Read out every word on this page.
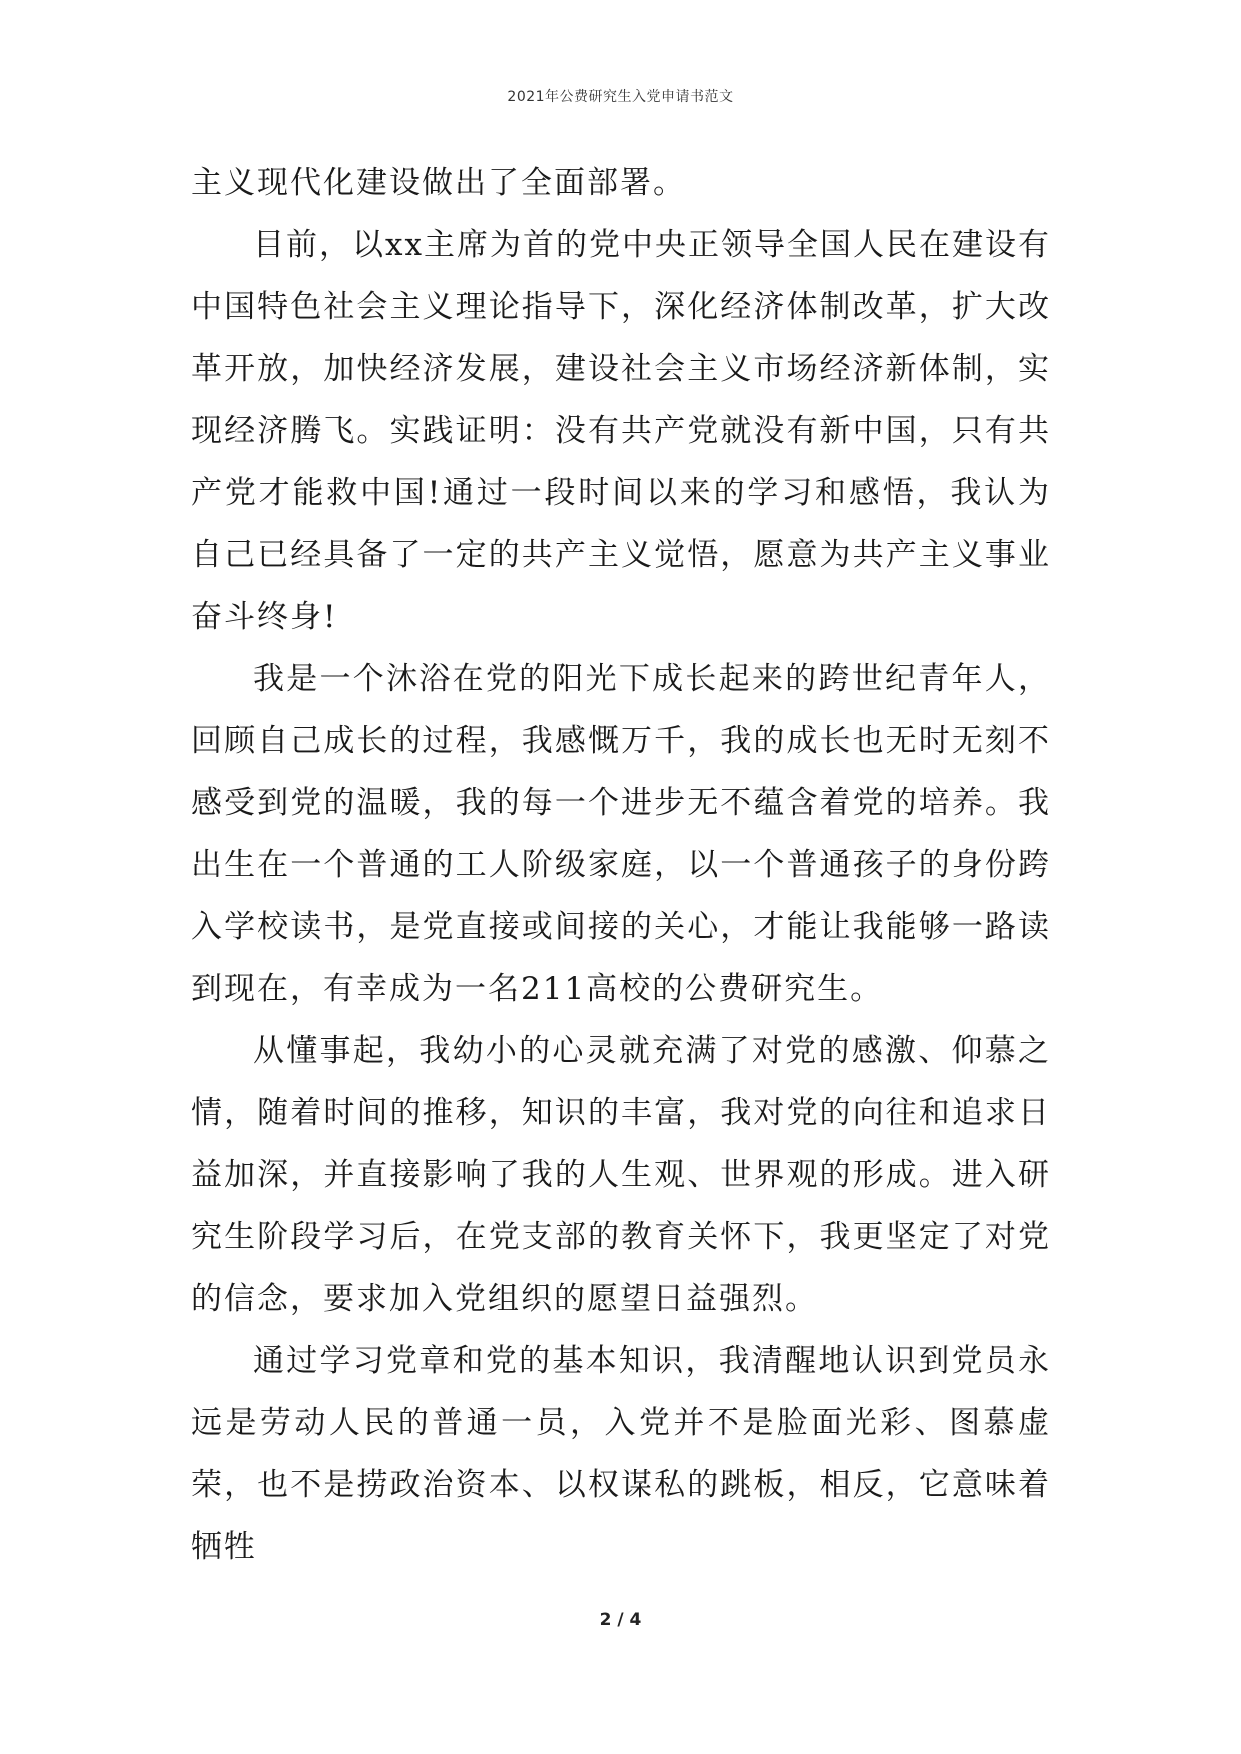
2021年公费研究生入党申请书范文

主义现代化建设做出了全面部署。

目前，以xx主席为首的党中央正领导全国人民在建设有中国特色社会主义理论指导下，深化经济体制改革，扩大改革开放，加快经济发展，建设社会主义市场经济新体制，实现经济腾飞。实践证明：没有共产党就没有新中国，只有共产党才能救中国!通过一段时间以来的学习和感悟，我认为自己已经具备了一定的共产主义觉悟，愿意为共产主义事业奋斗终身!

我是一个沐浴在党的阳光下成长起来的跨世纪青年人，回顾自己成长的过程，我感慨万千，我的成长也无时无刻不感受到党的温暖，我的每一个进步无不蕴含着党的培养。我出生在一个普通的工人阶级家庭，以一个普通孩子的身份跨入学校读书，是党直接或间接的关心，才能让我能够一路读到现在，有幸成为一名211高校的公费研究生。

从懂事起，我幼小的心灵就充满了对党的感激、仰慕之情，随着时间的推移，知识的丰富，我对党的向往和追求日益加深，并直接影响了我的人生观、世界观的形成。进入研究生阶段学习后，在党支部的教育关怀下，我更坚定了对党的信念，要求加入党组织的愿望日益强烈。

通过学习党章和党的基本知识，我清醒地认识到党员永远是劳动人民的普通一员，入党并不是脸面光彩、图慕虚荣，也不是捞政治资本、以权谋私的跳板，相反，它意味着牺牲

2 / 4
